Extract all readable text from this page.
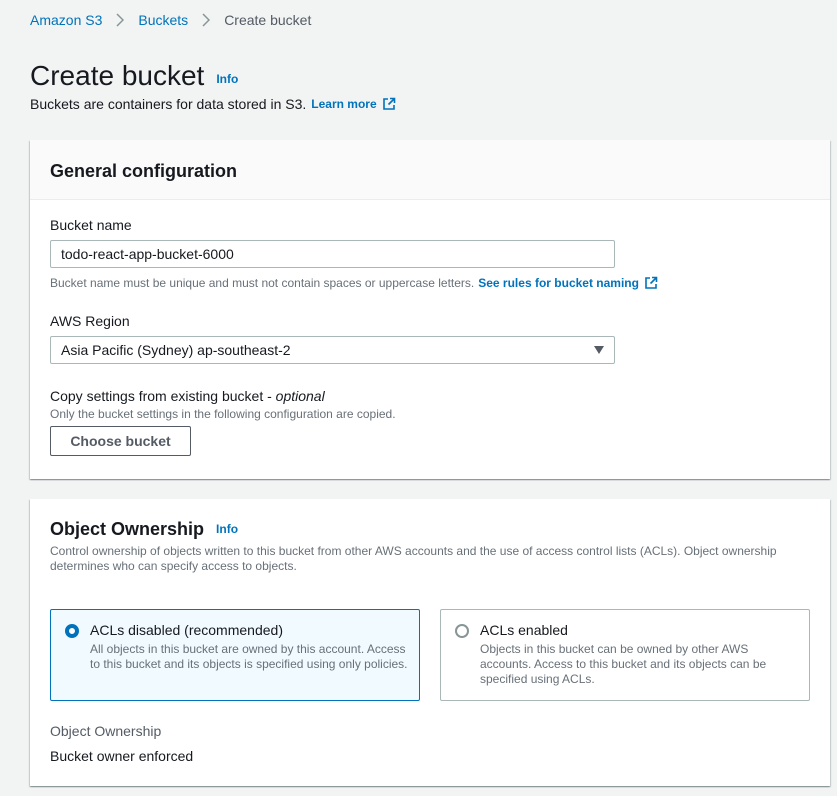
Amazon S3	Buckets	Create bucket
Create bucket Info
Buckets are containers for data stored in S3. Learn more
General configuration
Bucket name
todo-react-app-bucket-6000
Bucket name must be unique and must not contain spaces or uppercase letters. See rules for bucket naming
AWS Region
Asia Pacific (Sydney) ap-southeast-2
Copy settings from existing bucket - optional
Only the bucket settings in the following configuration are copied.
Choose bucket
Object Ownership Info
Control ownership of objects written to this bucket from other AWS accounts and the use of access control lists (ACLs). Object ownership determines who can specify access to objects.
ACLs disabled (recommended)
All objects in this bucket are owned by this account. Access to this bucket and its objects is specified using only policies.
ACLs enabled
Objects in this bucket can be owned by other AWS accounts. Access to this bucket and its objects can be specified using ACLs.
Object Ownership
Bucket owner enforced
